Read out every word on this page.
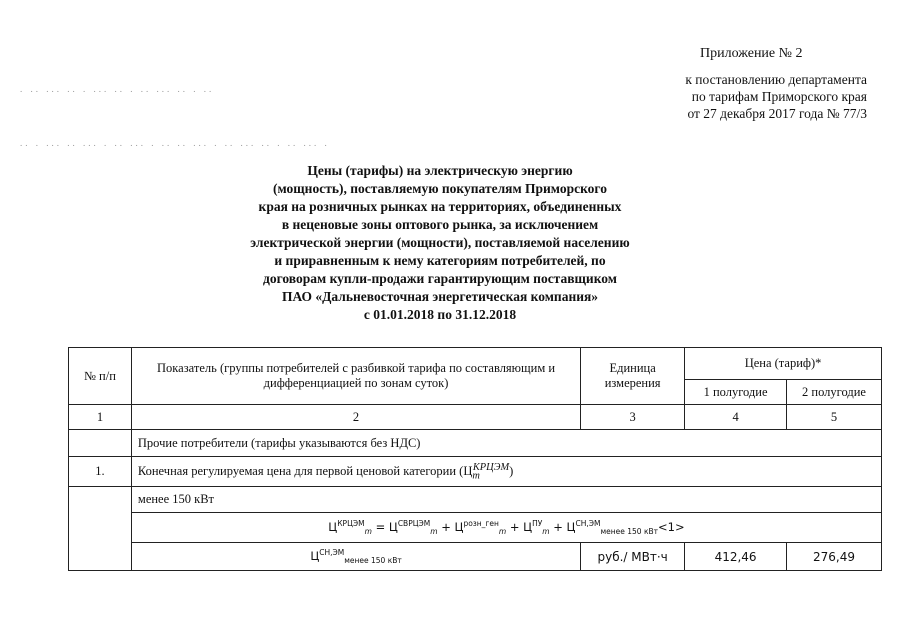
Приложение № 2
к постановлению департамента
по тарифам Приморского края
от 27 декабря 2017 года № 77/3
. .. ... .. . ... .. . .. ... .. . ..
.. . ... .. ... . .. ... . .. .. ... . .. ... .. . .. ... .
Цены (тарифы) на электрическую энергию
(мощность), поставляемую покупателям Приморского
края на розничных рынках на территориях, объединенных
в неценовые зоны оптового рынка, за исключением
электрической энергии (мощности), поставляемой населению
и приравненным к нему категориям потребителей, по
договорам купли-продажи гарантирующим поставщиком
ПАО «Дальневосточная энергетическая компания»
с 01.01.2018 по 31.12.2018
№ п/п	Показатель (группы потребителей с разбивкой тарифа по составляющим и дифференциацией по зонам суток)	Единица измерения	Цена (тариф)*	
			1 полугодие	2 полугодие
1	2	3	4	5
	Прочие потребители (тарифы указываются без НДС)			
1.	Конечная регулируемая цена для первой ценовой категории $(Ц_m^{КРЦЭМ})$			
	менее 150 кВт			
	$Ц^{КРЦЭМ}_m = Ц^{СВРЦЭМ}_m + Ц^{розн\_ген}_m + Ц^{ПУ}_m + Ц^{СН,ЭМ}_{менее 150 кВт}<1>$			
	$Ц^{СН,ЭМ}_{менее 150 кВт}$	руб./ МВт·ч	412,46	276,49
